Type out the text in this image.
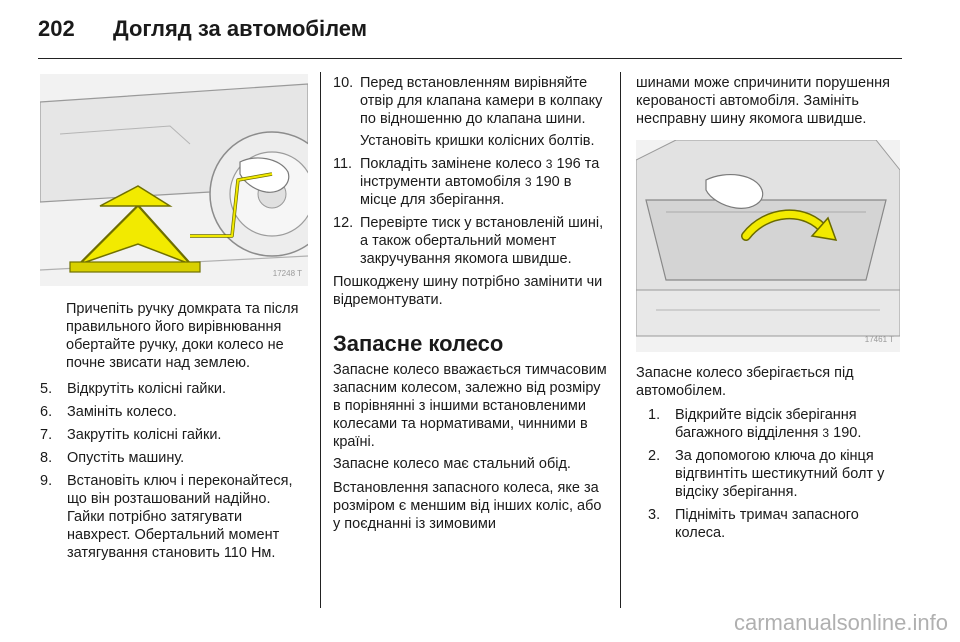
202 Догляд за автомобілем
17248 T

Причепіть ручку домкрата та після правильного його вирівнювання обертайте ручку, доки колесо не почне звисати над землею.

5. Відкрутіть колісні гайки.
6. Замініть колесо.
7. Закрутіть колісні гайки.
8. Опустіть машину.
9. Встановіть ключ і переконайтеся, що він розташований надійно. Гайки потрібно затягувати навхрест. Обертальний момент затягування становить 110 Нм.
10. Перед встановленням вирівняйте отвір для клапана камери в колпаку по відношенню до клапана шини.

Установіть кришки колісних болтів.

11. Покладіть замінене колесо 3 196 та інструменти автомобіля 3 190 в місце для зберігання.
12. Перевірте тиск у встановленій шині, а також обертальний момент закручування якомога швидше.

Пошкоджену шину потрібно замінити чи відремонтувати.

Запасне колесо

Запасне колесо вважається тимчасовим запасним колесом, залежно від розміру в порівнянні з іншими встановленими колесами та нормативами, чинними в країні.

Запасне колесо має стальний обід.

Встановлення запасного колеса, яке за розміром є меншим від інших коліс, або у поєднанні із зимовими

шинами може спричинити порушення керованості автомобіля. Замініть несправну шину якомога швидше.

17461 T

Запасне колесо зберігається під автомобілем.

1. Відкрийте відсік зберігання багажного відділення 3 190.
2. За допомогою ключа до кінця відгвинтіть шестикутний болт у відсіку зберігання.
3. Підніміть тримач запасного колеса.
carmanualsonline.info
